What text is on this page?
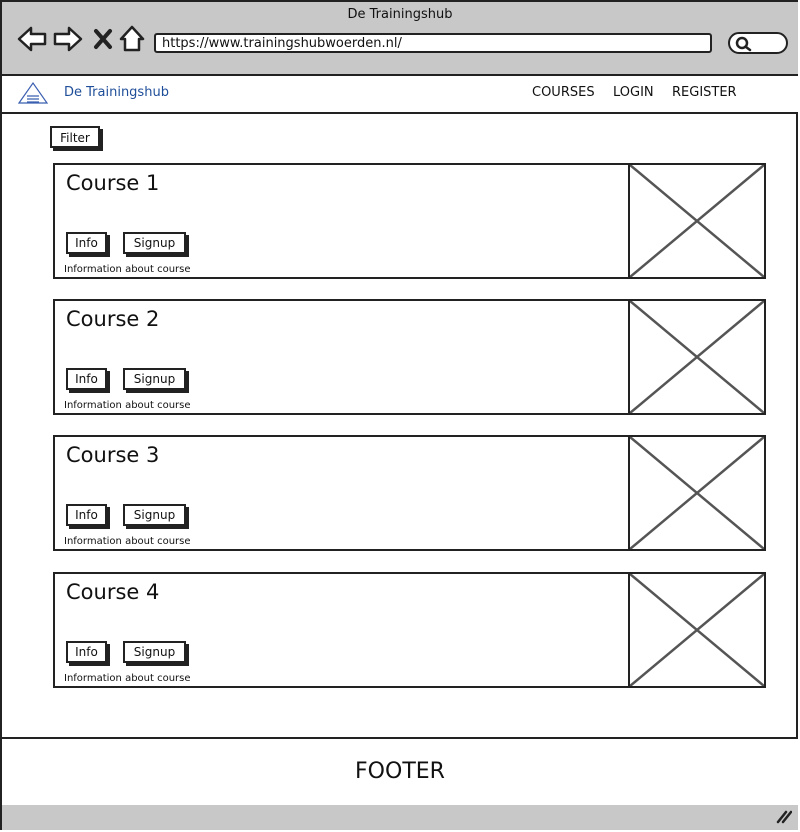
De Trainingshub
https://www.trainingshubwoerden.nl/
De Trainingshub	COURSES LOGIN REGISTER
Filter
Course 1
Info	Signup
Information about course
Course 2
Info	Signup
Information about course
Course 3
Info	Signup
Information about course
Course 4
Info	Signup
Information about course
FOOTER
